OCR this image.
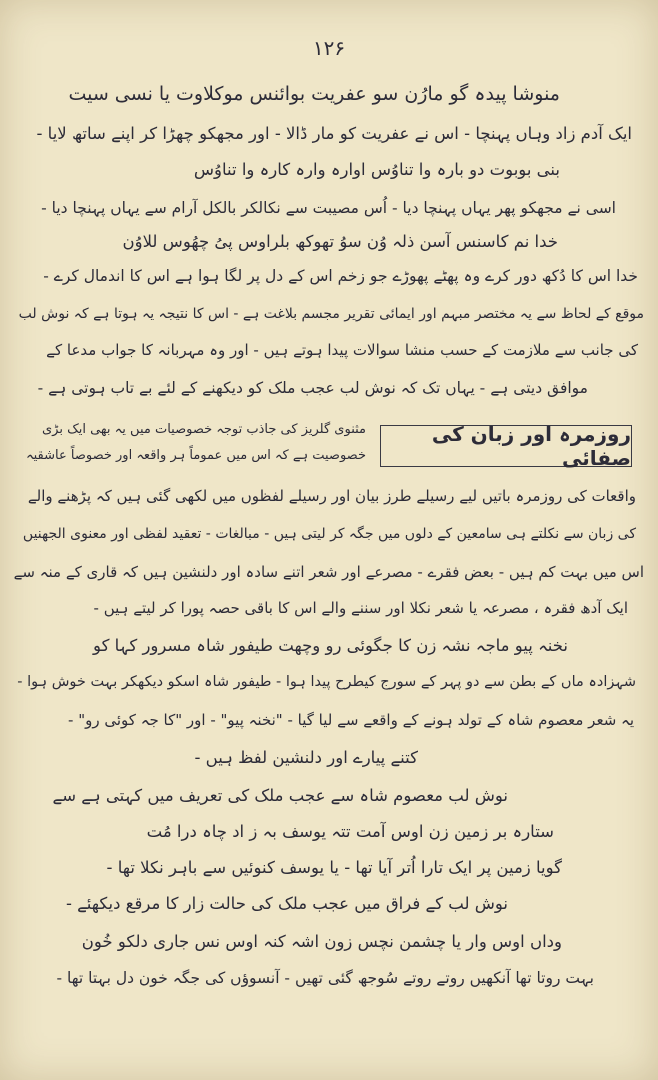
۱۲۶
منوشا پیدہ گو مارُن سو عفریت بوائنس موکلاوت یا نسی سیت
ایک آدم زاد وہاں پہنچا - اس نے عفریت کو مار ڈالا - اور مجھکو چھڑا کر اپنے ساتھ لایا -
بنی بوبوت دو بارہ وا تناوُس اوارہ وارہ کارہ وا تناوُس
اسی نے مجھکو پھر یہاں پہنچا دیا - اُس مصیبت سے نکالکر بالکل آرام سے یہاں پہنچا دیا -
خدا نم کاسنس آسن ذلہ وُن سوُ تھوکھ بلراوس پیُ چھُوس للاوُن
خدا اس کا دُکھ دور کرے وہ پھٹے پھوڑے جو زخم اس کے دل پر لگا ہوا ہے اس کا اندمال کرے -
موقع کے لحاظ سے یہ مختصر مبہم اور ایمائی تقریر مجسم بلاغت ہے - اس کا نتیجہ یہ ہوتا ہے کہ نوش لب
کی جانب سے ملازمت کے حسب منشا سوالات پیدا ہوتے ہیں - اور وہ مہربانہ کا جواب مدعا کے
موافق دیتی ہے - یہاں تک کہ نوش لب عجب ملک کو دیکھنے کے لئے بے تاب ہوتی ہے -
روزمرہ اور زبان کی صفائی
مثنوی گلریز کی جاذب توجہ خصوصیات میں یہ بھی ایک بڑی
خصوصیت ہے کہ اس میں عموماً ہر واقعہ اور خصوصاً عاشقیہ
واقعات کی روزمرہ باتیں لیے رسیلے طرز بیان اور رسیلے لفظوں میں لکھی گئی ہیں کہ پڑھنے والے
کی زبان سے نکلتے ہی سامعین کے دلوں میں جگہ کر لیتی ہیں - مبالغات - تعقید لفظی اور معنوی الجھنیں
اس میں بہت کم ہیں - بعض فقرے - مصرعے اور شعر اتنے سادہ اور دلنشین ہیں کہ قاری کے منہ سے
ایک آدھ فقرہ ، مصرعہ یا شعر نکلا اور سننے والے اس کا باقی حصہ پورا کر لیتے ہیں -
نخنہ پیو ماجہ نشہ زن کا جگوئی رو وچھت طیفور شاہ مسرور کہا کو
شہزادہ ماں کے بطن سے دو پہر کے سورج کیطرح پیدا ہوا - طیفور شاہ اسکو دیکھکر بہت خوش ہوا -
یہ شعر معصوم شاہ کے تولد ہونے کے واقعے سے لیا گیا - "نخنہ پیو" - اور "کا جہ کوئی رو" -
کتنے پیارے اور دلنشین لفظ ہیں -
نوش لب معصوم شاہ سے عجب ملک کی تعریف میں کہتی ہے سے
ستارہ بر زمین زن اوس آمت تتہ یوسف بہ ز اد چاہ درا مُت
گویا زمین پر ایک تارا اُتر آیا تھا - یا یوسف کنوئیں سے باہر نکلا تھا -
نوش لب کے فراق میں عجب ملک کی حالت زار کا مرقع دیکھئے -
وداں اوس وار یا چشمن نچس زون اشہ کنہ اوس نس جاری دلکو خُون
بہت روتا تھا آنکھیں روتے روتے سُوجھ گئی تھیں - آنسوؤں کی جگہ خون دل بہتا تھا -
